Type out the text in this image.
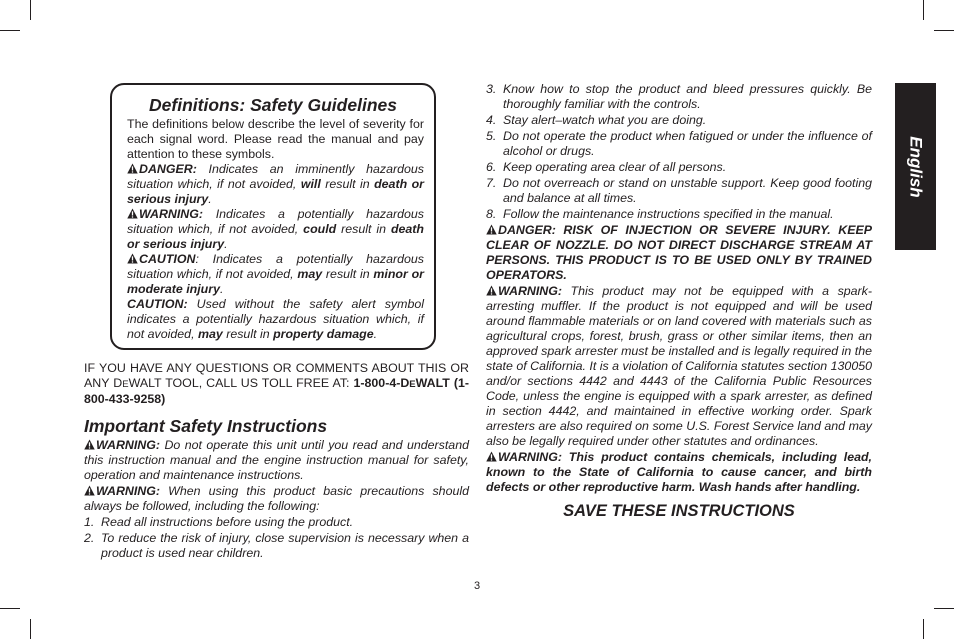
Definitions: Safety Guidelines

The definitions below describe the level of severity for each signal word. Please read the manual and pay attention to these symbols.

DANGER: Indicates an imminently hazardous situation which, if not avoided, will result in death or serious injury.

WARNING: Indicates a potentially hazardous situation which, if not avoided, could result in death or serious injury.

CAUTION: Indicates a potentially hazardous situation which, if not avoided, may result in minor or moderate injury.

CAUTION: Used without the safety alert symbol indicates a potentially hazardous situation which, if not avoided, may result in property damage.

IF YOU HAVE ANY QUESTIONS OR COMMENTS ABOUT THIS OR ANY DEWALT TOOL, CALL US TOLL FREE AT: 1-800-4-DEWALT (1-800-433-9258)

Important Safety Instructions

WARNING: Do not operate this unit until you read and understand this instruction manual and the engine instruction manual for safety, operation and maintenance instructions.

WARNING: When using this product basic precautions should always be followed, including the following:

1. Read all instructions before using the product.
2. To reduce the risk of injury, close supervision is necessary when a product is used near children.
3. Know how to stop the product and bleed pressures quickly. Be thoroughly familiar with the controls.
4. Stay alert–watch what you are doing.
5. Do not operate the product when fatigued or under the influence of alcohol or drugs.
6. Keep operating area clear of all persons.
7. Do not overreach or stand on unstable support. Keep good footing and balance at all times.
8. Follow the maintenance instructions specified in the manual.

DANGER: RISK OF INJECTION OR SEVERE INJURY. KEEP CLEAR OF NOZZLE. DO NOT DIRECT DISCHARGE STREAM AT PERSONS. THIS PRODUCT IS TO BE USED ONLY BY TRAINED OPERATORS.

WARNING: This product may not be equipped with a spark-arresting muffler. If the product is not equipped and will be used around flammable materials or on land covered with materials such as agricultural crops, forest, brush, grass or other similar items, then an approved spark arrester must be installed and is legally required in the state of California. It is a violation of California statutes section 130050 and/or sections 4442 and 4443 of the California Public Resources Code, unless the engine is equipped with a spark arrester, as defined in section 4442, and maintained in effective working order. Spark arresters are also required on some U.S. Forest Service land and may also be legally required under other statutes and ordinances.

WARNING: This product contains chemicals, including lead, known to the State of California to cause cancer, and birth defects or other reproductive harm. Wash hands after handling.

SAVE THESE INSTRUCTIONS
English
3
